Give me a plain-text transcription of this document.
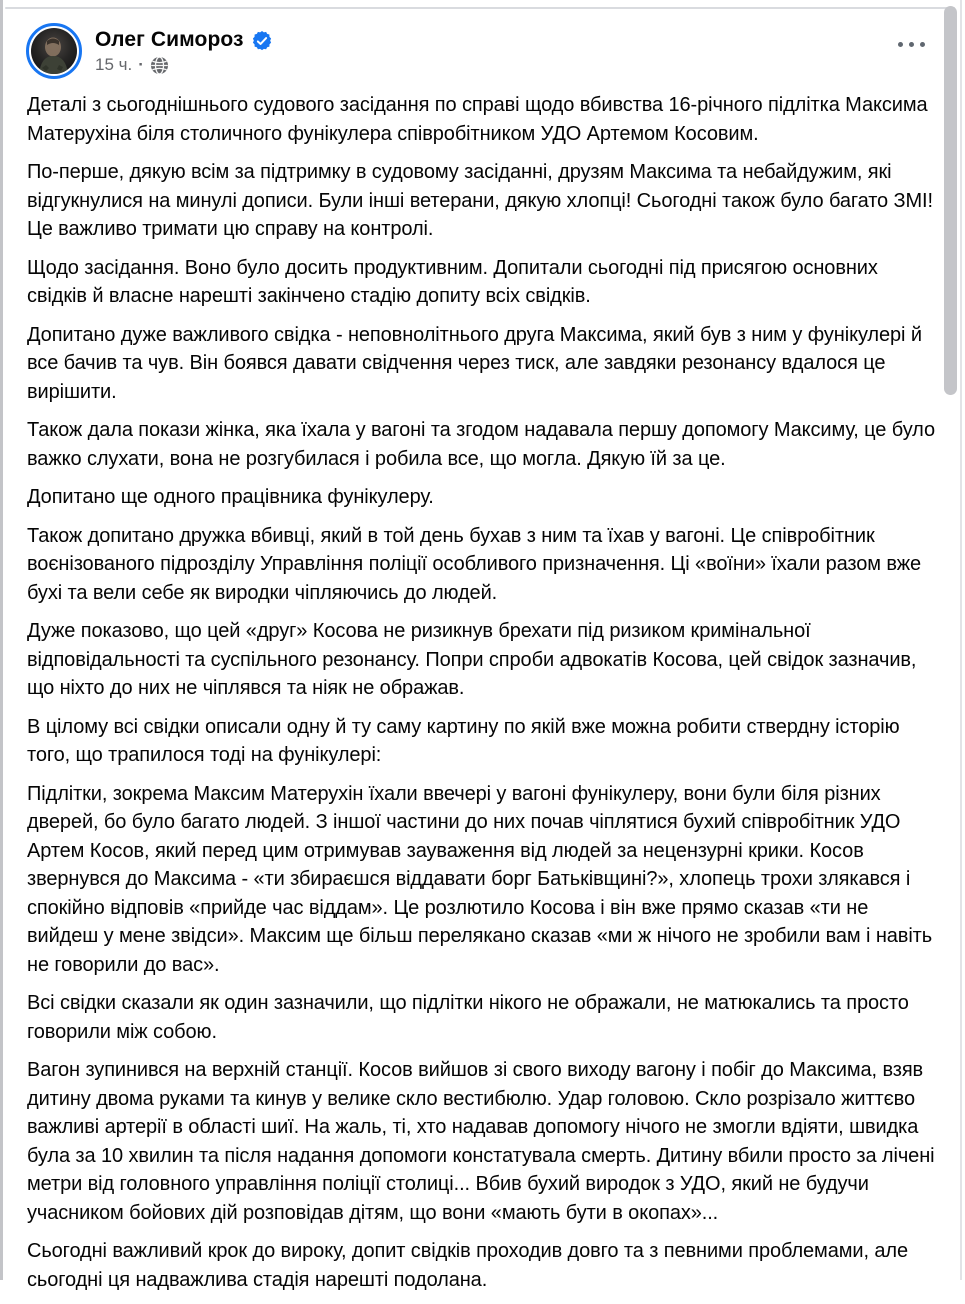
Олег Симороз
15 ч. ·

Деталі з сьогоднішнього судового засідання по справі щодо вбивства 16-річного підлітка Максима Матерухіна біля столичного фунікулера співробітником УДО Артемом Косовим.

По-перше, дякую всім за підтримку в судовому засіданні, друзям Максима та небайдужим, які відгукнулися на минулі дописи. Були інші ветерани, дякую хлопці! Сьогодні також було багато ЗМІ! Це важливо тримати цю справу на контролі.

Щодо засідання. Воно було досить продуктивним. Допитали сьогодні під присягою основних свідків й власне нарешті закінчено стадію допиту всіх свідків.

Допитано дуже важливого свідка - неповнолітнього друга Максима, який був з ним у фунікулері й все бачив та чув. Він боявся давати свідчення через тиск, але завдяки резонансу вдалося це вирішити.

Також дала покази жінка, яка їхала у вагоні та згодом надавала першу допомогу Максиму, це було важко слухати, вона не розгубилася і робила все, що могла. Дякую їй за це.

Допитано ще одного працівника фунікулеру.

Також допитано дружка вбивці, який в той день бухав з ним та їхав у вагоні. Це співробітник воєнізованого підрозділу Управління поліції особливого призначення. Ці «воїни» їхали разом вже бухі та вели себе як виродки чіпляючись до людей.

Дуже показово, що цей «друг» Косова не ризикнув брехати під ризиком кримінальної відповідальності та суспільного резонансу. Попри спроби адвокатів Косова, цей свідок зазначив, що ніхто до них не чіплявся та ніяк не ображав.

В цілому всі свідки описали одну й ту саму картину по якій вже можна робити ствердну історію того, що трапилося тоді на фунікулері:

Підлітки, зокрема Максим Матерухін їхали ввечері у вагоні фунікулеру, вони були біля різних дверей, бо було багато людей. З іншої частини до них почав чіплятися бухий співробітник УДО Артем Косов, який перед цим отримував зауваження від людей за нецензурні крики. Косов звернувся до Максима - «ти збираєшся віддавати борг Батьківщині?», хлопець трохи злякався і спокійно відповів «прийде час віддам». Це розлютило Косова і він вже прямо сказав «ти не вийдеш у мене звідси». Максим ще більш перелякано сказав «ми ж нічого не зробили вам і навіть не говорили до вас».

Всі свідки сказали як один зазначили, що підлітки нікого не ображали, не матюкались та просто говорили між собою.

Вагон зупинився на верхній станції. Косов вийшов зі свого виходу вагону і побіг до Максима, взяв дитину двома руками та кинув у велике скло вестибюлю. Удар головою. Скло розрізало життєво важливі артерії в області шиї. На жаль, ті, хто надавав допомогу нічого не змогли вдіяти, швидка була за 10 хвилин та після надання допомоги констатувала смерть. Дитину вбили просто за лічені метри від головного управління поліції столиці... Вбив бухий виродок з УДО, який не будучи учасником бойових дій розповідав дітям, що вони «мають бути в окопах»...

Сьогодні важливий крок до вироку, допит свідків проходив довго та з певними проблемами, але сьогодні ця надважлива стадія нарешті подолана.
